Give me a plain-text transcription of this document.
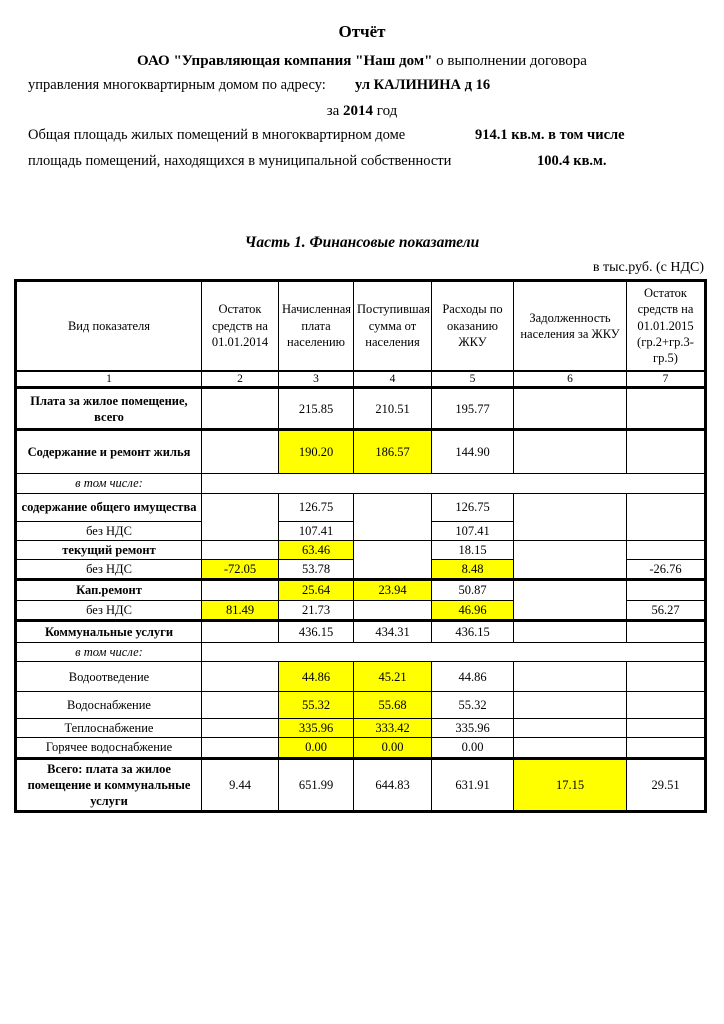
Отчёт
ОАО "Управляющая компания "Наш дом" о выполнении договора
управления многоквартирным домом по адресу: ул КАЛИНИНА д 16
за 2014 год
Общая площадь жилых помещений в многоквартирном доме	914.1 кв.м. в том числе
площадь помещений, находящихся в муниципальной собственности	100.4 кв.м.
Часть 1. Финансовые показатели
в тыс.руб. (с НДС)
Вид показателя	Остаток средств на 01.01.2014	Начисленная плата населению	Поступившая сумма от населения	Расходы по оказанию ЖКУ	Задолженность населения за ЖКУ	Остаток средств на 01.01.2015 (гр.2+гр.3-гр.5)
1	2	3	4	5	6	7
Плата за жилое помещение, всего		215.85	210.51	195.77		
Содержание и ремонт жилья		190.20	186.57	144.90		
в том числе:						
содержание общего имущества		126.75		126.75		
без НДС		107.41		107.41		
текущий ремонт		63.46		18.15		
без НДС	-72.05	53.78		8.48		-26.76
Кап.ремонт		25.64	23.94	50.87		
без НДС	81.49	21.73		46.96		56.27
Коммунальные услуги		436.15	434.31	436.15		
в том числе:						
Водоотведение		44.86	45.21	44.86		
Водоснабжение		55.32	55.68	55.32		
Теплоснабжение		335.96	333.42	335.96		
Горячее водоснабжение		0.00	0.00	0.00		
Всего: плата за жилое помещение и коммунальные услуги	9.44	651.99	644.83	631.91	17.15	29.51
